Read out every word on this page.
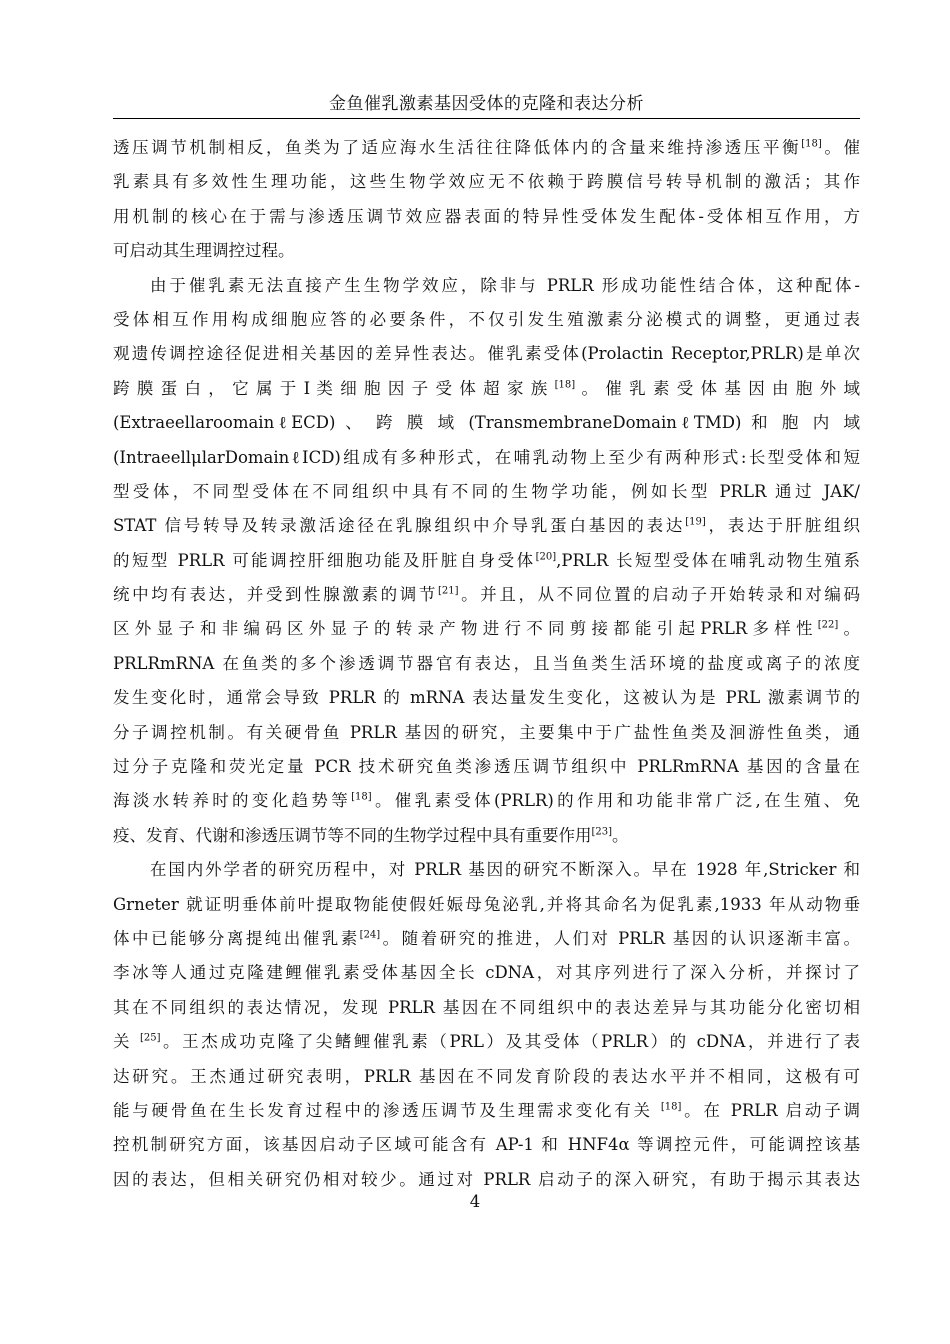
金鱼催乳激素基因受体的克隆和表达分析
透压调节机制相反，鱼类为了适应海水生活往往降低体内的含量来维持渗透压平衡[18]。催
乳素具有多效性生理功能，这些生物学效应无不依赖于跨膜信号转导机制的激活；其作
用机制的核心在于需与渗透压调节效应器表面的特异性受体发生配体-受体相互作用，方
可启动其生理调控过程。
由于催乳素无法直接产生生物学效应，除非与 PRLR 形成功能性结合体，这种配体-
受体相互作用构成细胞应答的必要条件，不仅引发生殖激素分泌模式的调整，更通过表
观遗传调控途径促进相关基因的差异性表达。催乳素受体(Prolactin Receptor,PRLR)是单次
跨 膜 蛋 白 ， 它 属 于 I 类 细 胞 因 子 受 体 超 家 族 [18] 。 催 乳 素 受 体 基 因 由 胞 外 域
(ExtraeellaroomainℓECD) 、 跨 膜 域 (TransmembraneDomainℓTMD) 和 胞 内 域
(IntraeellμlarDomainℓICD)组成有多种形式，在哺乳动物上至少有两种形式:长型受体和短
型受体，不同型受体在不同组织中具有不同的生物学功能，例如长型 PRLR 通过 JAK/
STAT 信号转导及转录激活途径在乳腺组织中介导乳蛋白基因的表达[19]，表达于肝脏组织
的短型 PRLR 可能调控肝细胞功能及肝脏自身受体[20],PRLR 长短型受体在哺乳动物生殖系
统中均有表达，并受到性腺激素的调节[21]。并且，从不同位置的启动子开始转录和对编码
区 外 显 子 和 非 编 码 区 外 显 子 的 转 录 产 物 进 行 不 同 剪 接 都 能 引 起 PRLR 多 样 性 [22] 。
PRLRmRNA 在鱼类的多个渗透调节器官有表达，且当鱼类生活环境的盐度或离子的浓度
发生变化时，通常会导致 PRLR 的 mRNA 表达量发生变化，这被认为是 PRL 激素调节的
分子调控机制。有关硬骨鱼 PRLR 基因的研究，主要集中于广盐性鱼类及洄游性鱼类，通
过分子克隆和荧光定量 PCR 技术研究鱼类渗透压调节组织中 PRLRmRNA 基因的含量在
海淡水转养时的变化趋势等[18]。催乳素受体(PRLR)的作用和功能非常广泛,在生殖、免
疫、发育、代谢和渗透压调节等不同的生物学过程中具有重要作用[23]。
在国内外学者的研究历程中，对 PRLR 基因的研究不断深入。早在 1928 年,Stricker 和
Grneter 就证明垂体前叶提取物能使假妊娠母兔泌乳,并将其命名为促乳素,1933 年从动物垂
体中已能够分离提纯出催乳素[24]。随着研究的推进，人们对 PRLR 基因的认识逐渐丰富。
李冰等人通过克隆建鲤催乳素受体基因全长 cDNA，对其序列进行了深入分析，并探讨了
其在不同组织的表达情况，发现 PRLR 基因在不同组织中的表达差异与其功能分化密切相
关 [25]。王杰成功克隆了尖鳍鲤催乳素（PRL）及其受体（PRLR）的 cDNA，并进行了表
达研究。王杰通过研究表明，PRLR 基因在不同发育阶段的表达水平并不相同，这极有可
能与硬骨鱼在生长发育过程中的渗透压调节及生理需求变化有关 [18]。在 PRLR 启动子调
控机制研究方面，该基因启动子区域可能含有 AP-1 和 HNF4α 等调控元件，可能调控该基
因的表达，但相关研究仍相对较少。通过对 PRLR 启动子的深入研究，有助于揭示其表达
4
